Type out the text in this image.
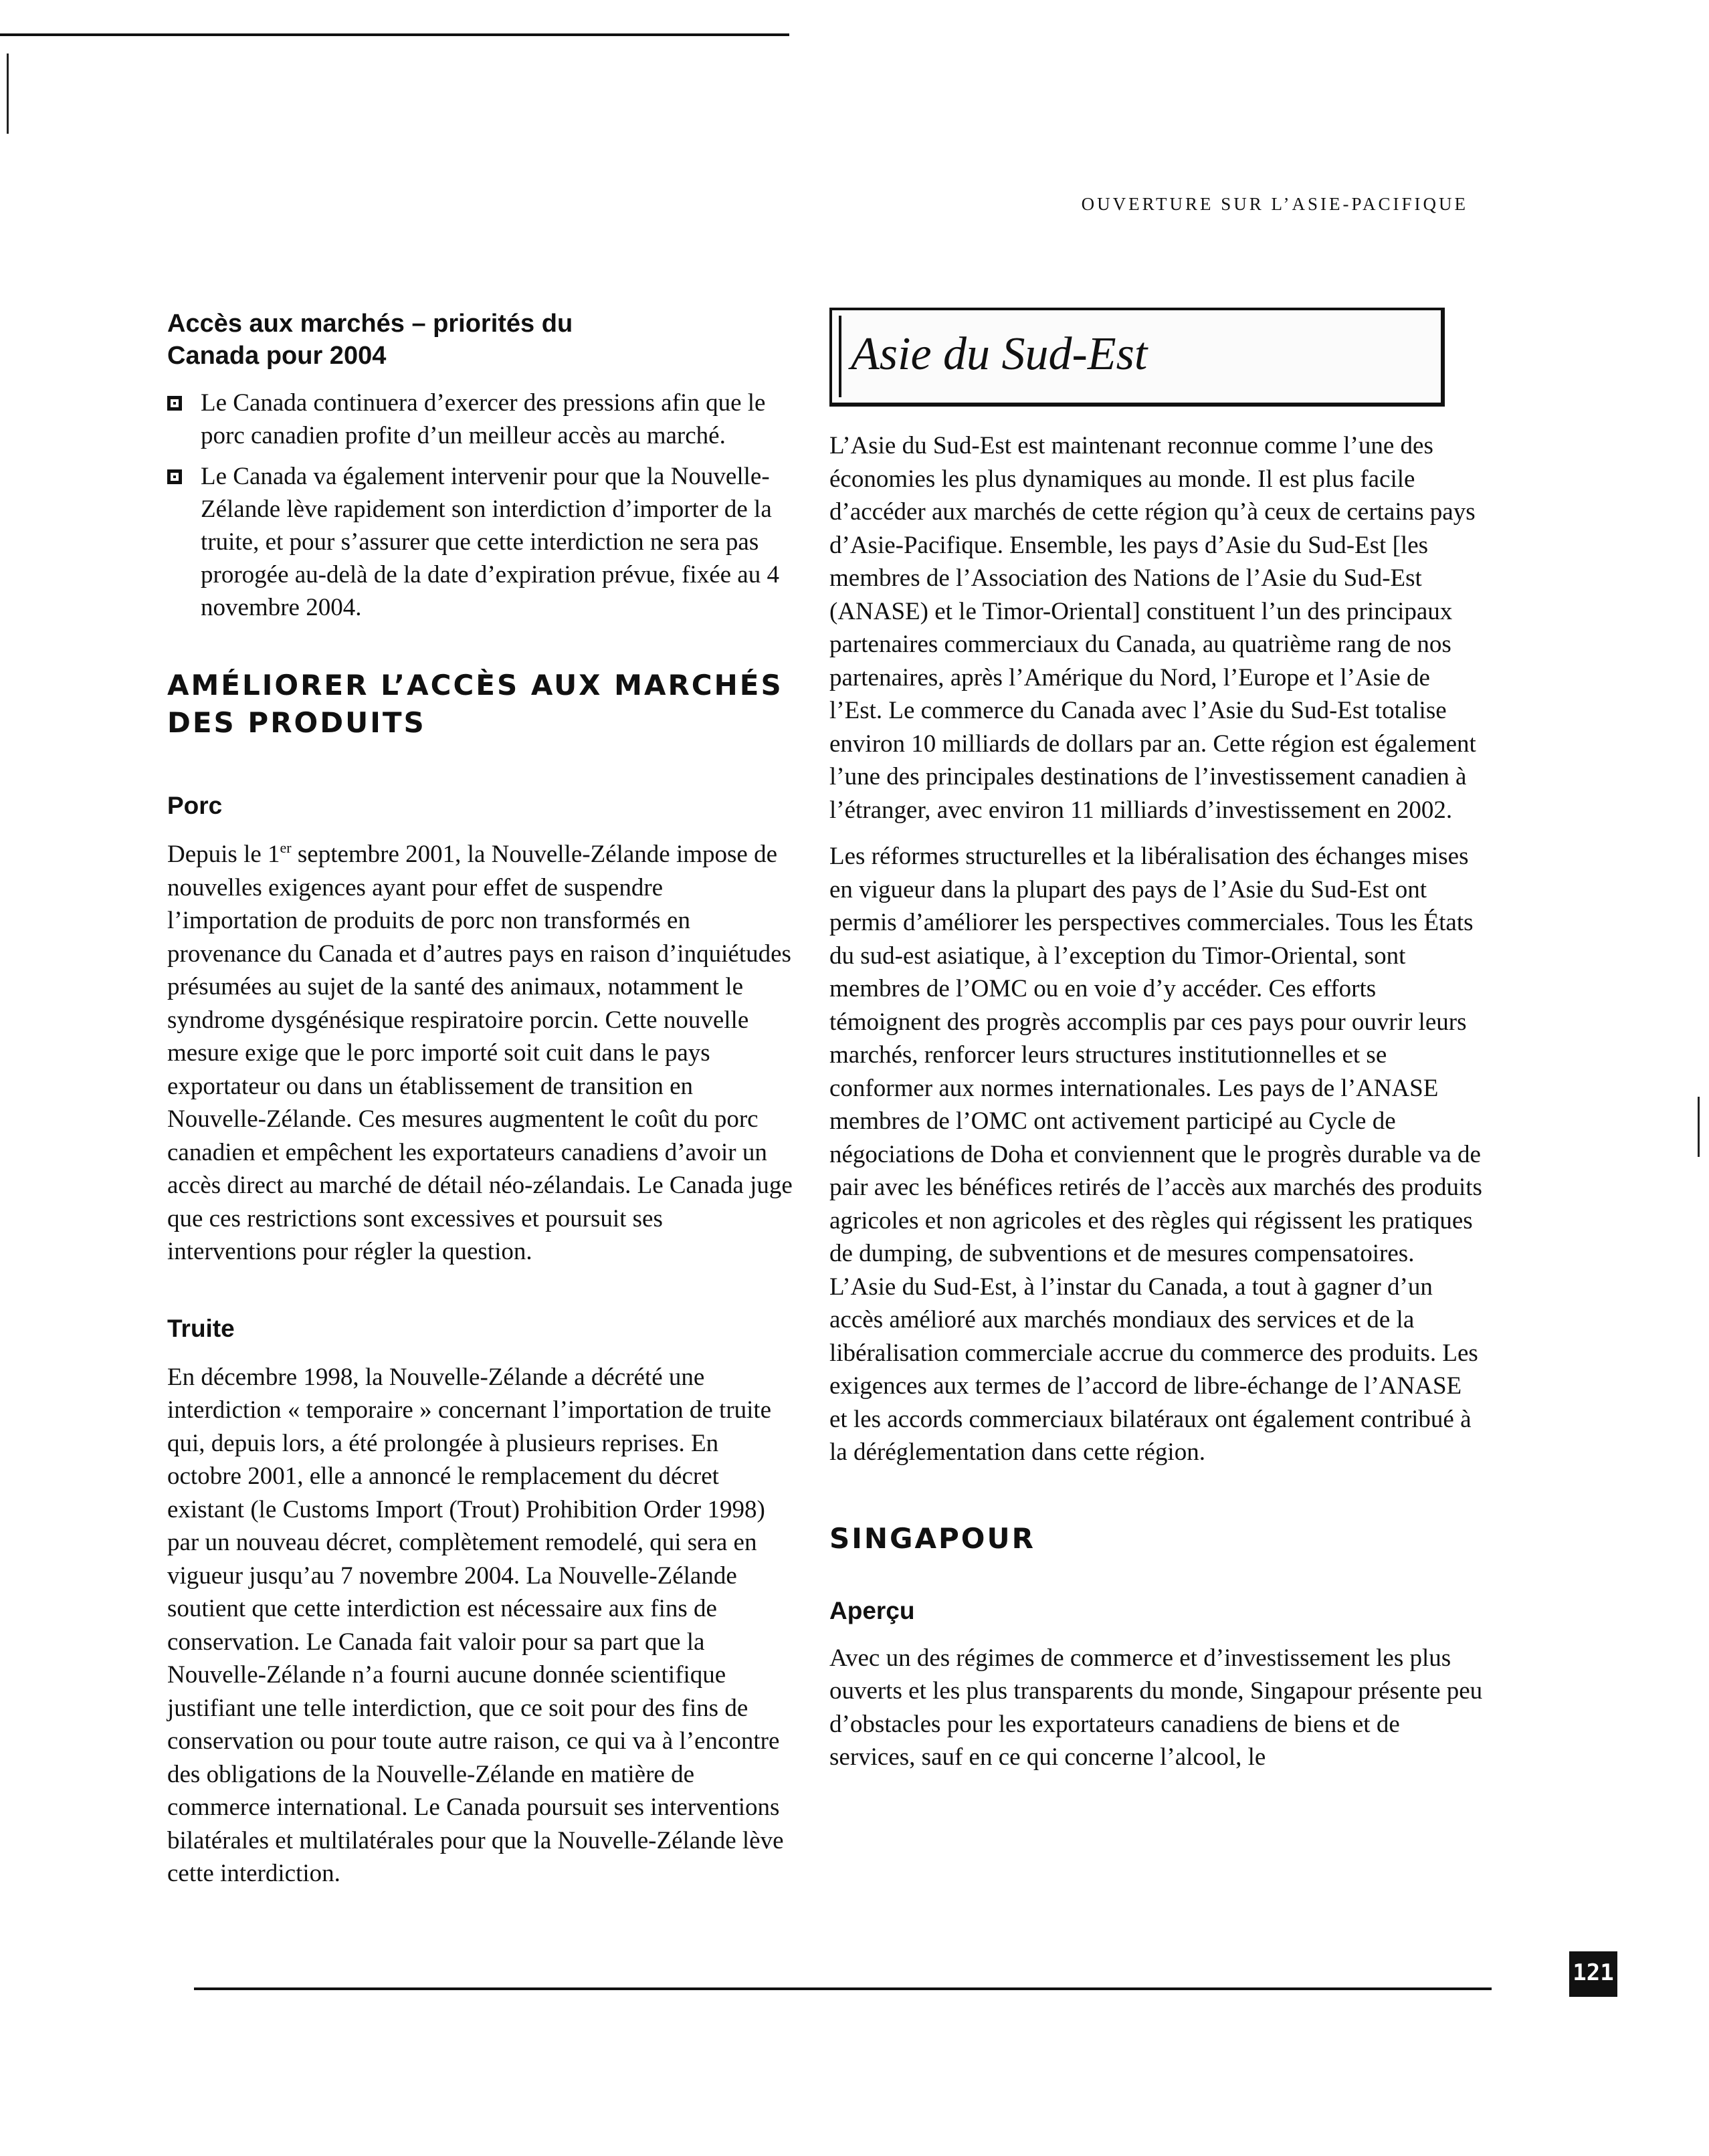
OUVERTURE SUR L’ASIE-PACIFIQUE
Accès aux marchés – priorités du
Canada pour 2004
Le Canada continuera d’exercer des pressions afin que le porc canadien profite d’un meilleur accès au marché.
Le Canada va également intervenir pour que la Nouvelle-Zélande lève rapidement son interdiction d’importer de la truite, et pour s’assurer que cette interdiction ne sera pas prorogée au-delà de la date d’expiration prévue, fixée au 4 novembre 2004.
AMÉLIORER L’ACCÈS AUX MARCHÉS
DES PRODUITS
Porc

Depuis le 1er septembre 2001, la Nouvelle-Zélande impose de nouvelles exigences ayant pour effet de suspendre l’importation de produits de porc non transformés en provenance du Canada et d’autres pays en raison d’inquiétudes présumées au sujet de la santé des animaux, notamment le syndrome dysgénésique respiratoire porcin. Cette nouvelle mesure exige que le porc importé soit cuit dans le pays exportateur ou dans un établissement de transition en Nouvelle-Zélande. Ces mesures augmentent le coût du porc canadien et empêchent les exportateurs canadiens d’avoir un accès direct au marché de détail néo-zélandais. Le Canada juge que ces restrictions sont excessives et poursuit ses interventions pour régler la question.

Truite

En décembre 1998, la Nouvelle-Zélande a décrété une interdiction « temporaire » concernant l’importation de truite qui, depuis lors, a été prolongée à plusieurs reprises. En octobre 2001, elle a annoncé le remplacement du décret existant (le Customs Import (Trout) Prohibition Order 1998) par un nouveau décret, complètement remodelé, qui sera en vigueur jusqu’au 7 novembre 2004. La Nouvelle-Zélande soutient que cette interdiction est nécessaire aux fins de conservation. Le Canada fait valoir pour sa part que la Nouvelle-Zélande n’a fourni aucune donnée scientifique justifiant une telle interdiction, que ce soit pour des fins de conservation ou pour toute autre raison, ce qui va à l’encontre des obligations de la Nouvelle-Zélande en matière de commerce international. Le Canada poursuit ses interventions bilatérales et multilatérales pour que la Nouvelle-Zélande lève cette interdiction.

Asie du Sud-Est

L’Asie du Sud-Est est maintenant reconnue comme l’une des économies les plus dynamiques au monde. Il est plus facile d’accéder aux marchés de cette région qu’à ceux de certains pays d’Asie-Pacifique. Ensemble, les pays d’Asie du Sud-Est [les membres de l’Association des Nations de l’Asie du Sud-Est (ANASE) et le Timor-Oriental] constituent l’un des principaux partenaires commerciaux du Canada, au quatrième rang de nos partenaires, après l’Amérique du Nord, l’Europe et l’Asie de l’Est. Le commerce du Canada avec l’Asie du Sud-Est totalise environ 10 milliards de dollars par an. Cette région est également l’une des principales destinations de l’investissement canadien à l’étranger, avec environ 11 milliards d’investissement en 2002.

Les réformes structurelles et la libéralisation des échanges mises en vigueur dans la plupart des pays de l’Asie du Sud-Est ont permis d’améliorer les perspectives commerciales. Tous les États du sud-est asiatique, à l’exception du Timor-Oriental, sont membres de l’OMC ou en voie d’y accéder. Ces efforts témoignent des progrès accomplis par ces pays pour ouvrir leurs marchés, renforcer leurs structures institutionnelles et se conformer aux normes internationales. Les pays de l’ANASE membres de l’OMC ont activement participé au Cycle de négociations de Doha et conviennent que le progrès durable va de pair avec les bénéfices retirés de l’accès aux marchés des produits agricoles et non agricoles et des règles qui régissent les pratiques de dumping, de subventions et de mesures compensatoires. L’Asie du Sud-Est, à l’instar du Canada, a tout à gagner d’un accès amélioré aux marchés mondiaux des services et de la libéralisation commerciale accrue du commerce des produits. Les exigences aux termes de l’accord de libre-échange de l’ANASE et les accords commerciaux bilatéraux ont également contribué à la déréglementation dans cette région.

SINGAPOUR
Aperçu

Avec un des régimes de commerce et d’investissement les plus ouverts et les plus transparents du monde, Singapour présente peu d’obstacles pour les exportateurs canadiens de biens et de services, sauf en ce qui concerne l’alcool, le

121
